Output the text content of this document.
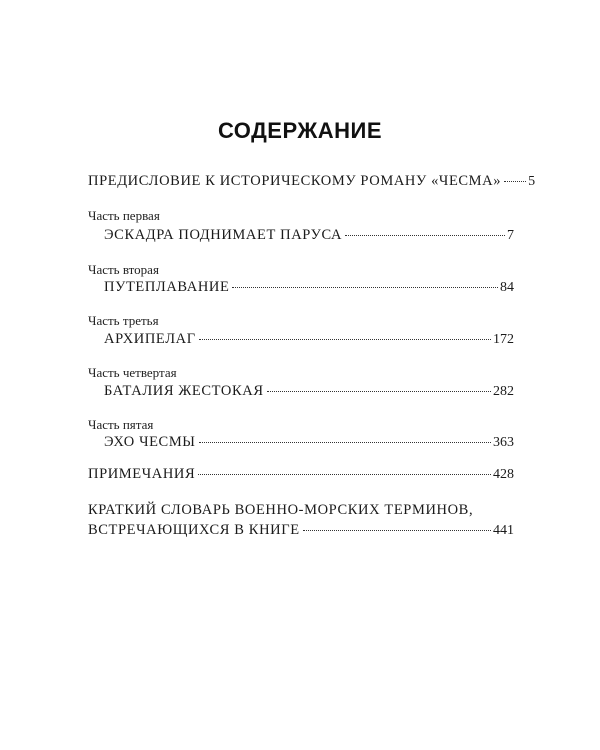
СОДЕРЖАНИЕ
ПРЕДИСЛОВИЕ К ИСТОРИЧЕСКОМУ РОМАНУ «ЧЕСМА» 5
Часть первая
ЭСКАДРА ПОДНИМАЕТ ПАРУСА	7
Часть вторая
ПУТЕПЛАВАНИЕ	84
Часть третья
АРХИПЕЛАГ	172
Часть четвертая
БАТАЛИЯ ЖЕСТОКАЯ	282
Часть пятая
ЭХО ЧЕСМЫ	363
ПРИМЕЧАНИЯ	428
КРАТКИЙ СЛОВАРЬ ВОЕННО-МОРСКИХ ТЕРМИНОВ,
ВСТРЕЧАЮЩИХСЯ В КНИГЕ	441
